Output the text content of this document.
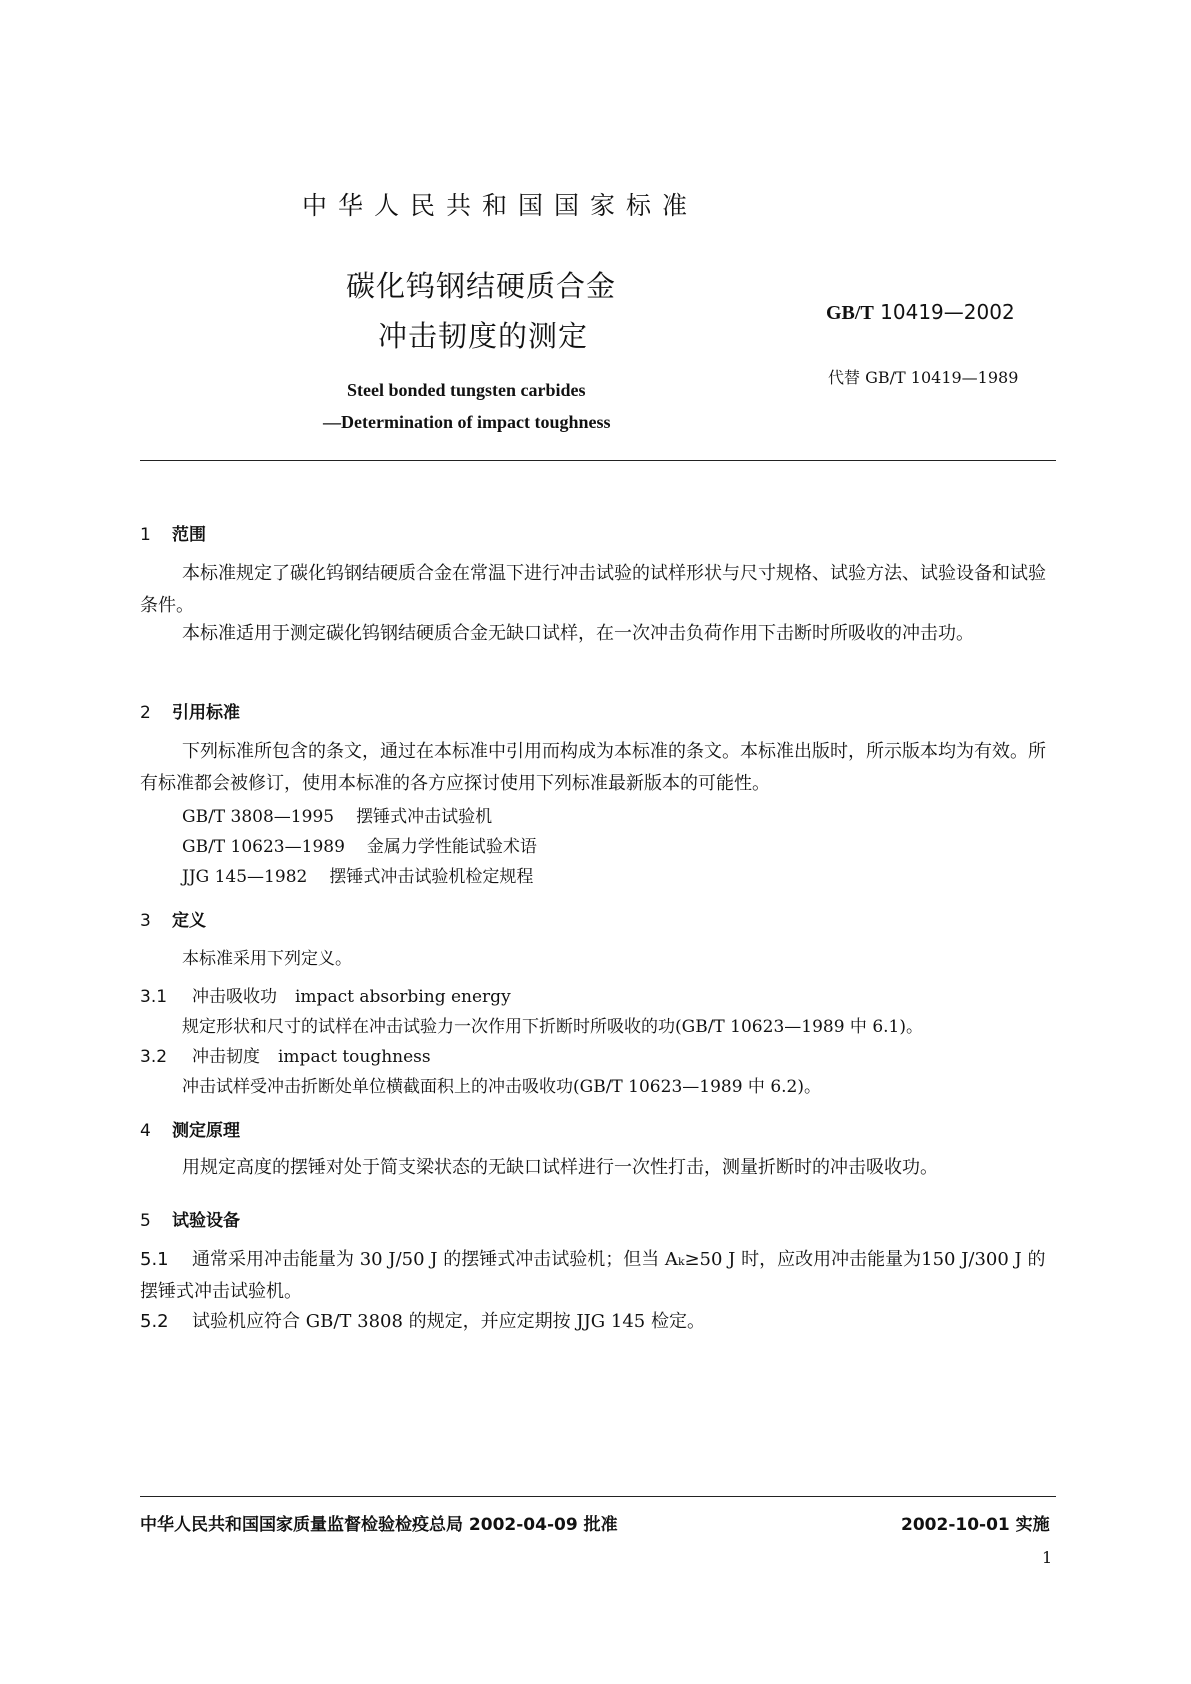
中华人民共和国国家标准
碳化钨钢结硬质合金
冲击韧度的测定
GB/T 10419—2002
代替 GB/T 10419—1989
Steel bonded tungsten carbides
—Determination of impact toughness
1 范围
本标准规定了碳化钨钢结硬质合金在常温下进行冲击试验的试样形状与尺寸规格、试验方法、试验设备和试验条件。
本标准适用于测定碳化钨钢结硬质合金无缺口试样，在一次冲击负荷作用下击断时所吸收的冲击功。
2 引用标准
下列标准所包含的条文，通过在本标准中引用而构成为本标准的条文。本标准出版时，所示版本均为有效。所有标准都会被修订，使用本标准的各方应探讨使用下列标准最新版本的可能性。
GB/T 3808—1995 摆锤式冲击试验机
GB/T 10623—1989 金属力学性能试验术语
JJG 145—1982 摆锤式冲击试验机检定规程
3 定义
本标准采用下列定义。
3.1 冲击吸收功 impact absorbing energy
规定形状和尺寸的试样在冲击试验力一次作用下折断时所吸收的功(GB/T 10623—1989 中 6.1)。
3.2 冲击韧度 impact toughness
冲击试样受冲击折断处单位横截面积上的冲击吸收功(GB/T 10623—1989 中 6.2)。
4 测定原理
用规定高度的摆锤对处于简支梁状态的无缺口试样进行一次性打击，测量折断时的冲击吸收功。
5 试验设备
5.1 通常采用冲击能量为 30 J/50 J 的摆锤式冲击试验机；但当 Aₖ≥50 J 时，应改用冲击能量为150 J/300 J 的摆锤式冲击试验机。
5.2 试验机应符合 GB/T 3808 的规定，并应定期按 JJG 145 检定。
中华人民共和国国家质量监督检验检疫总局 2002-04-09 批准	2002-10-01 实施
1
